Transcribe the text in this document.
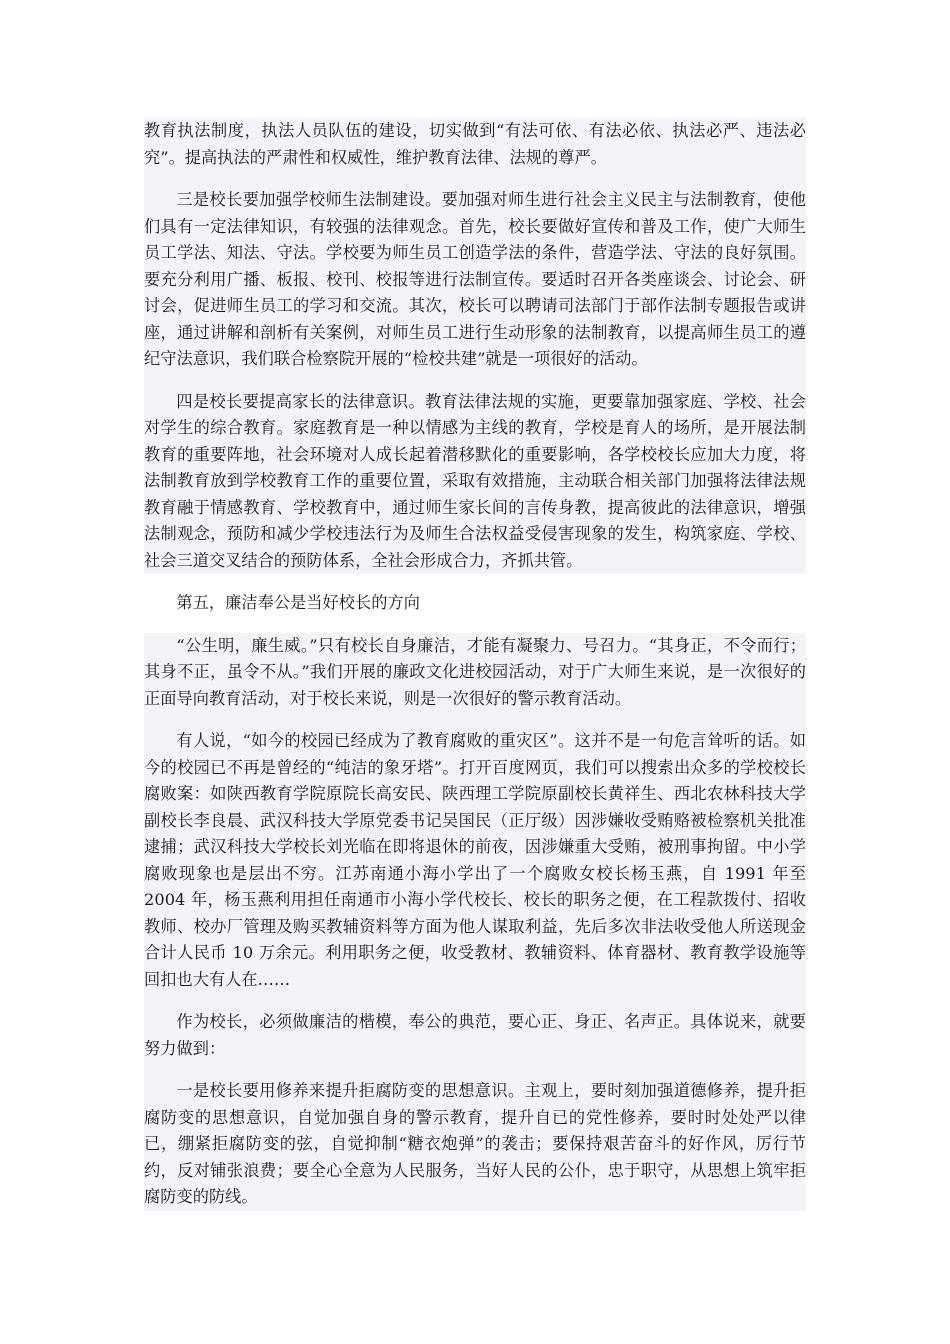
教育执法制度，执法人员队伍的建设，切实做到“有法可依、有法必依、执法必严、违法必究”。提高执法的严肃性和权威性，维护教育法律、法规的尊严。

三是校长要加强学校师生法制建设。要加强对师生进行社会主义民主与法制教育，使他们具有一定法律知识，有较强的法律观念。首先，校长要做好宣传和普及工作，使广大师生员工学法、知法、守法。学校要为师生员工创造学法的条件，营造学法、守法的良好氛围。要充分利用广播、板报、校刊、校报等进行法制宣传。要适时召开各类座谈会、讨论会、研讨会，促进师生员工的学习和交流。其次，校长可以聘请司法部门于部作法制专题报告或讲座，通过讲解和剖析有关案例，对师生员工进行生动形象的法制教育，以提高师生员工的遵纪守法意识，我们联合检察院开展的“检校共建”就是一项很好的活动。

四是校长要提高家长的法律意识。教育法律法规的实施，更要靠加强家庭、学校、社会对学生的综合教育。家庭教育是一种以情感为主线的教育，学校是育人的场所，是开展法制教育的重要阵地，社会环境对人成长起着潜移默化的重要影响，各学校校长应加大力度，将法制教育放到学校教育工作的重要位置，采取有效措施，主动联合相关部门加强将法律法规教育融于情感教育、学校教育中，通过师生家长间的言传身教，提高彼此的法律意识，增强法制观念，预防和减少学校违法行为及师生合法权益受侵害现象的发生，构筑家庭、学校、社会三道交叉结合的预防体系，全社会形成合力，齐抓共管。

第五，廉洁奉公是当好校长的方向

“公生明，廉生威。”只有校长自身廉洁，才能有凝聚力、号召力。“其身正，不令而行；其身不正，虽令不从。”我们开展的廉政文化进校园活动，对于广大师生来说，是一次很好的正面导向教育活动，对于校长来说，则是一次很好的警示教育活动。

有人说，“如今的校园已经成为了教育腐败的重灾区”。这并不是一句危言耸听的话。如今的校园已不再是曾经的“纯洁的象牙塔”。打开百度网页，我们可以搜索出众多的学校校长腐败案：如陕西教育学院原院长高安民、陕西理工学院原副校长黄祥生、西北农林科技大学副校长李良晨、武汉科技大学原党委书记吴国民（正厅级）因涉嫌收受贿赂被检察机关批准逮捕；武汉科技大学校长刘光临在即将退休的前夜，因涉嫌重大受贿，被刑事拘留。中小学腐败现象也是层出不穷。江苏南通小海小学出了一个腐败女校长杨玉燕，自 1991 年至 2004 年，杨玉燕利用担任南通市小海小学代校长、校长的职务之便，在工程款拨付、招收教师、校办厂管理及购买教辅资料等方面为他人谋取利益，先后多次非法收受他人所送现金合计人民币 10 万余元。利用职务之便，收受教材、教辅资料、体育器材、教育教学设施等回扣也大有人在……

作为校长，必须做廉洁的楷模，奉公的典范，要心正、身正、名声正。具体说来，就要努力做到：

一是校长要用修养来提升拒腐防变的思想意识。主观上，要时刻加强道德修养，提升拒腐防变的思想意识，自觉加强自身的警示教育，提升自已的党性修养，要时时处处严以律已，绷紧拒腐防变的弦，自觉抑制“糖衣炮弹”的袭击；要保持艰苦奋斗的好作风，厉行节约，反对铺张浪费；要全心全意为人民服务，当好人民的公仆，忠于职守，从思想上筑牢拒腐防变的防线。
